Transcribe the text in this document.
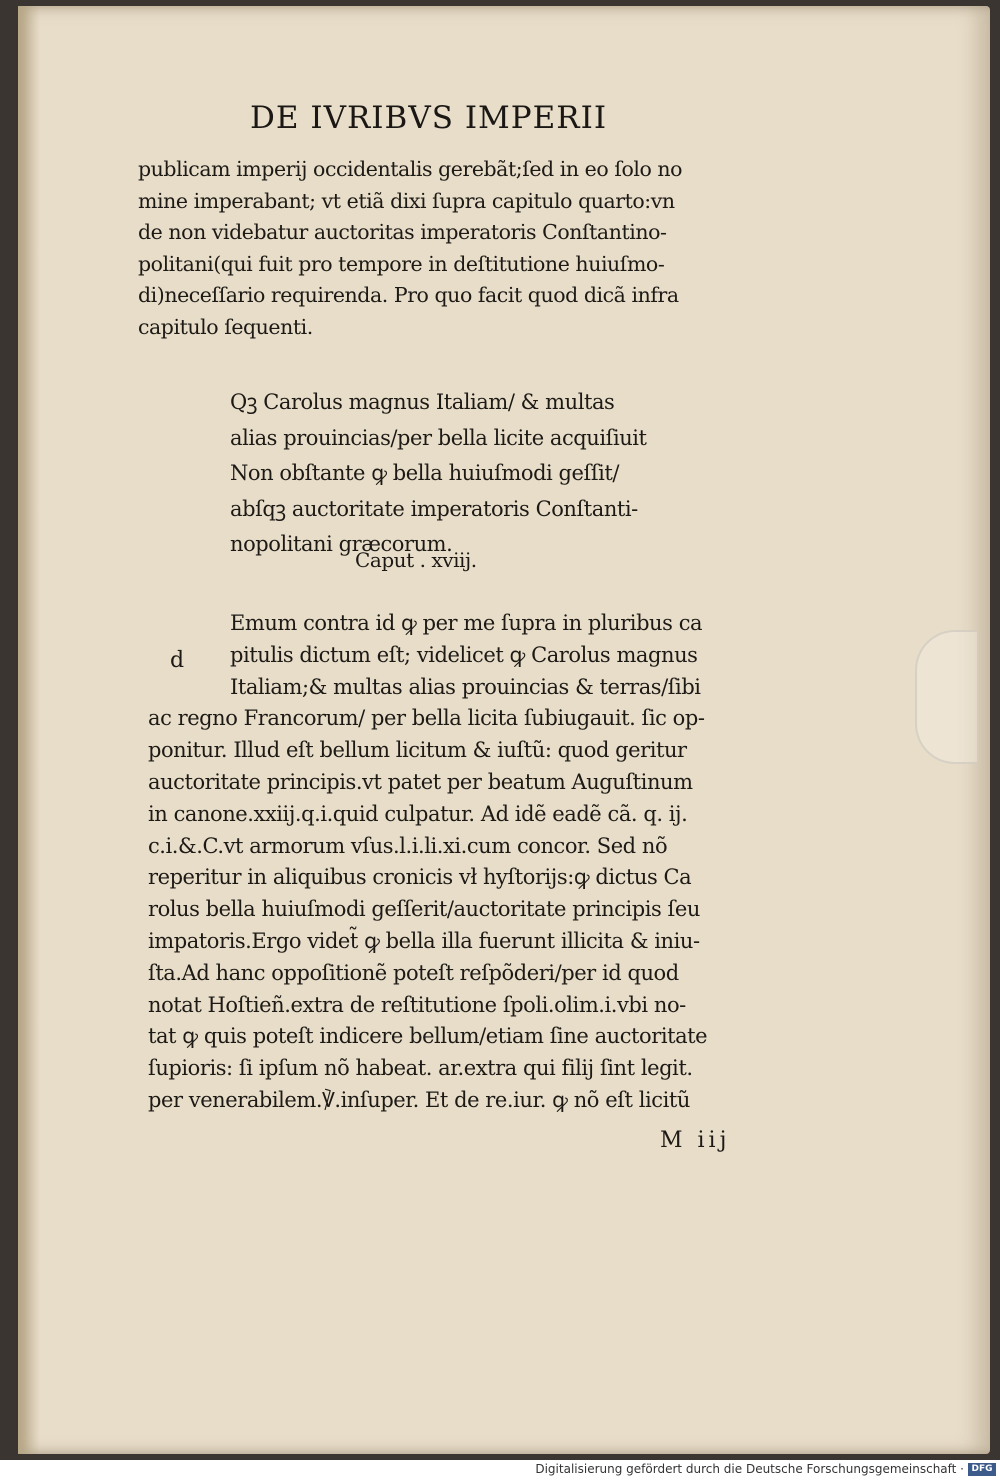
DE IVRIBVS IMPERII
publicam imperij occidentalis gerebãt;ſed in eo ſolo no
mine imperabant; vt etiã dixi ſupra capitulo quarto:vn
de non videbatur auctoritas imperatoris Conſtantino‑
politani(qui fuit pro tempore in deſtitutione huiuſmo‑
di)neceſſario requirenda. Pro quo facit quod dicã infra
capitulo ſequenti.
Qꝫ Carolus magnus Italiam/ & multas
alias prouincias/per bella licite acquiſiuit
Non obſtante ꝙ bella huiuſmodi geſſit/
abſqꝫ auctoritate imperatoris Conſtanti‑
nopolitani græcorum.
Caput . xviij.
d
Emum contra id ꝙ per me ſupra in pluribus ca
pitulis dictum eſt; videlicet ꝙ Carolus magnus
Italiam;& multas alias prouincias & terras/ſibi
ac regno Francorum/ per bella licita ſubiugauit. ſic op‑
ponitur. Illud eſt bellum licitum & iuſtũ: quod geritur
auctoritate principis.vt patet per beatum Auguſtinum
in canone.xxiij.q.i.quid culpatur. Ad idẽ eadẽ cã. q. ij.
c.i.&.C.vt armorum vſus.l.i.li.xi.cum concor. Sed nõ
reperitur in aliquibus cronicis vł hyſtorijs:ꝙ dictus Ca
rolus bella huiuſmodi geſſerit/auctoritate principis ſeu
impatoris.Ergo videt̃ ꝙ bella illa fuerunt illicita & iniu‑
ſta.Ad hanc oppoſitionẽ poteſt reſpõderi/per id quod
notat Hoſtieñ.extra de reſtitutione ſpoli.olim.i.vbi no‑
tat ꝙ quis poteſt indicere bellum/etiam ſine auctoritate
ſupioris: ſi ipſum nõ habeat. ar.extra qui filij ſint legit.
per venerabilem.℣.inſuper. Et de re.iur. ꝙ nõ eſt licitũ
M iij
Digitalisierung gefördert durch die Deutsche Forschungsgemeinschaft · DFG
